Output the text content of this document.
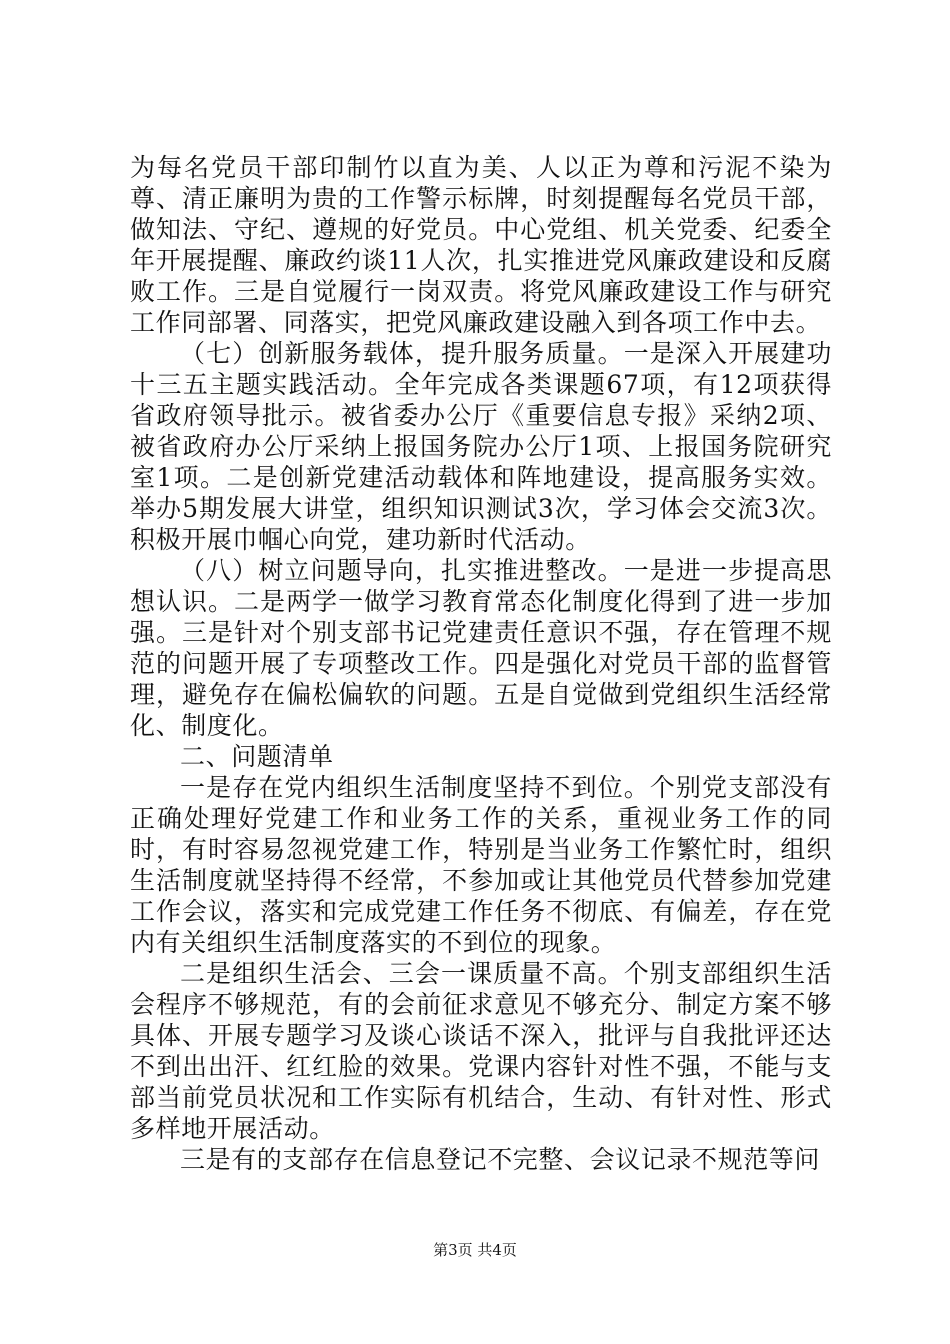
为每名党员干部印制竹以直为美、人以正为尊和污泥不染为尊、清正廉明为贵的工作警示标牌，时刻提醒每名党员干部，做知法、守纪、遵规的好党员。中心党组、机关党委、纪委全年开展提醒、廉政约谈11人次，扎实推进党风廉政建设和反腐败工作。三是自觉履行一岗双责。将党风廉政建设工作与研究工作同部署、同落实，把党风廉政建设融入到各项工作中去。

（七）创新服务载体，提升服务质量。一是深入开展建功十三五主题实践活动。全年完成各类课题67项，有12项获得省政府领导批示。被省委办公厅《重要信息专报》采纳2项、被省政府办公厅采纳上报国务院办公厅1项、上报国务院研究室1项。二是创新党建活动载体和阵地建设，提高服务实效。举办5期发展大讲堂，组织知识测试3次，学习体会交流3次。积极开展巾帼心向党，建功新时代活动。

（八）树立问题导向，扎实推进整改。一是进一步提高思想认识。二是两学一做学习教育常态化制度化得到了进一步加强。三是针对个别支部书记党建责任意识不强，存在管理不规范的问题开展了专项整改工作。四是强化对党员干部的监督管理，避免存在偏松偏软的问题。五是自觉做到党组织生活经常化、制度化。

二、问题清单

一是存在党内组织生活制度坚持不到位。个别党支部没有正确处理好党建工作和业务工作的关系，重视业务工作的同时，有时容易忽视党建工作，特别是当业务工作繁忙时，组织生活制度就坚持得不经常，不参加或让其他党员代替参加党建工作会议，落实和完成党建工作任务不彻底、有偏差，存在党内有关组织生活制度落实的不到位的现象。

二是组织生活会、三会一课质量不高。个别支部组织生活会程序不够规范，有的会前征求意见不够充分、制定方案不够具体、开展专题学习及谈心谈话不深入，批评与自我批评还达不到出出汗、红红脸的效果。党课内容针对性不强，不能与支部当前党员状况和工作实际有机结合，生动、有针对性、形式多样地开展活动。

三是有的支部存在信息登记不完整、会议记录不规范等问

第3页 共4页
